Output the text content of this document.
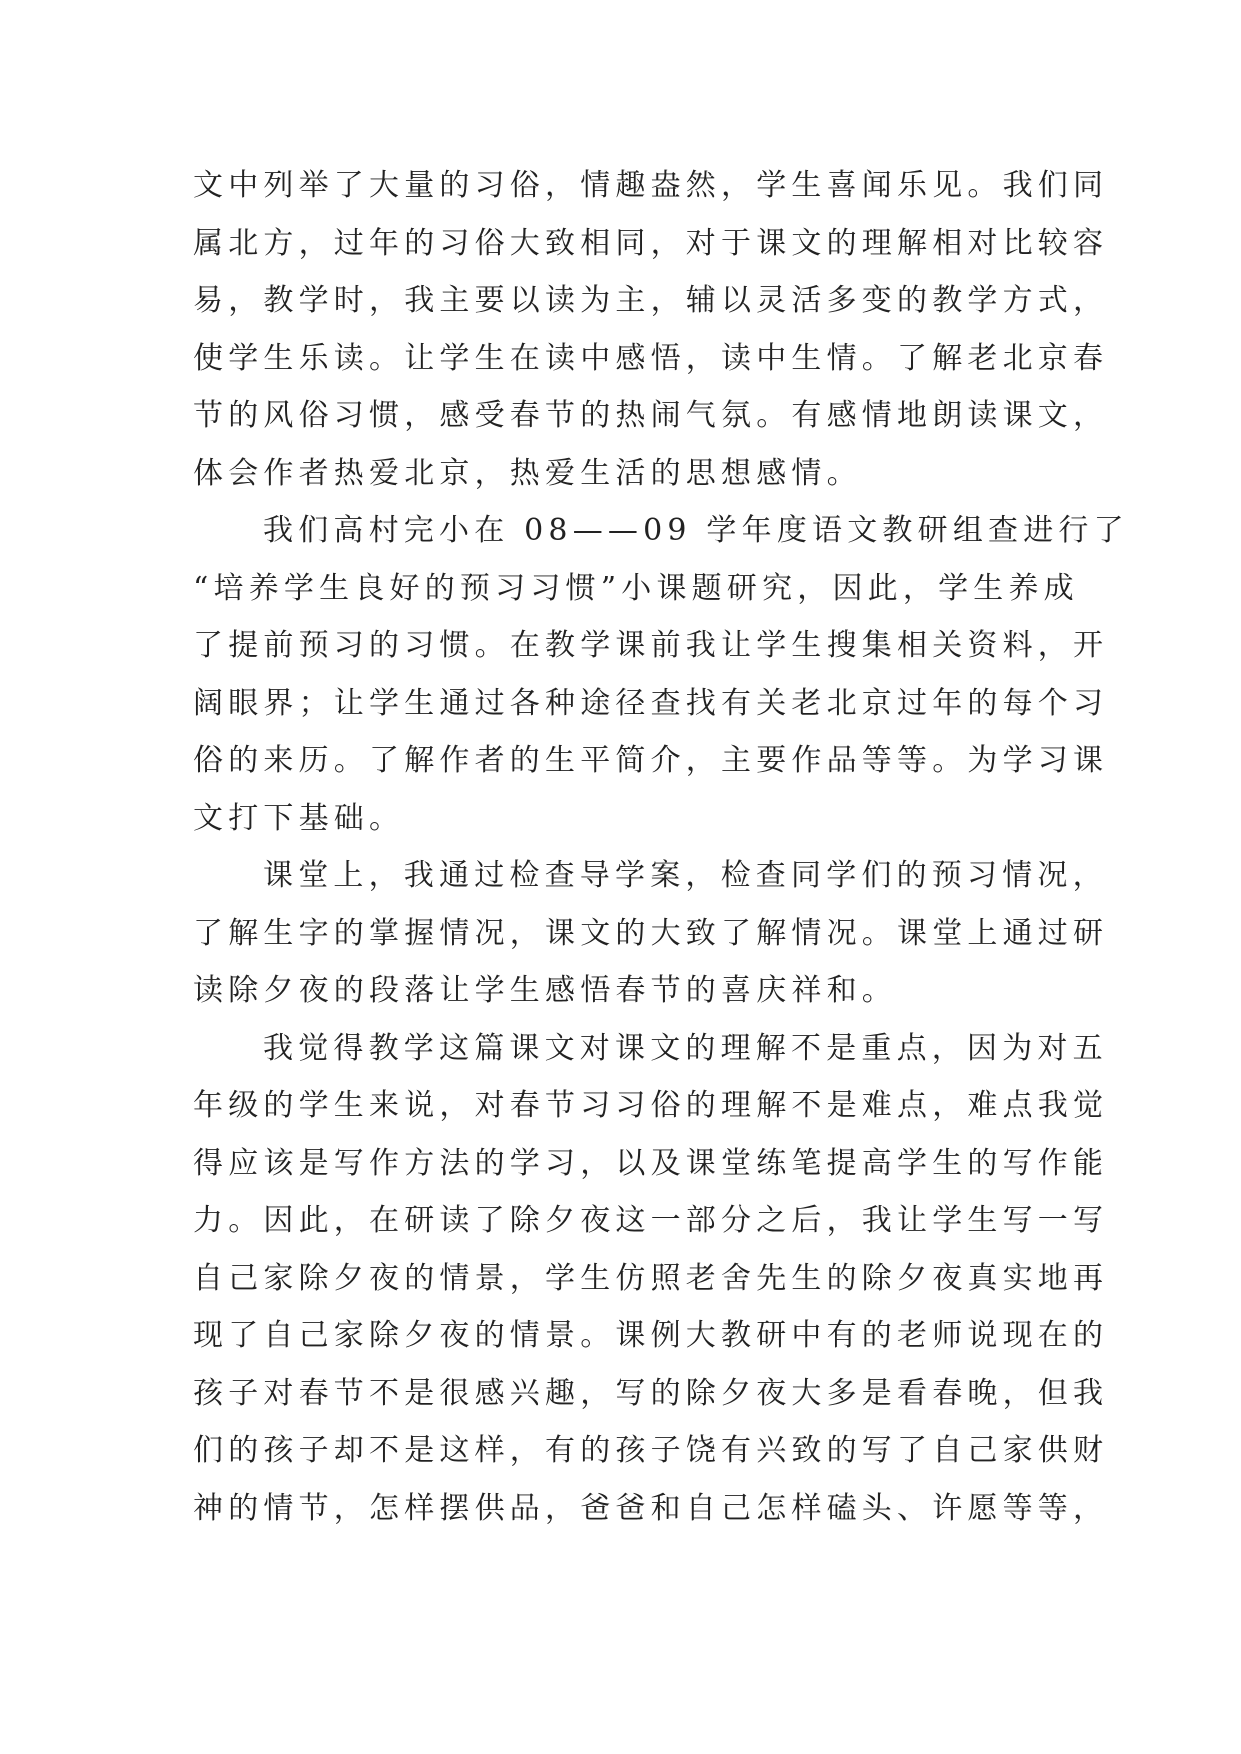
文中列举了大量的习俗，情趣盎然，学生喜闻乐见。我们同
属北方，过年的习俗大致相同，对于课文的理解相对比较容
易，教学时，我主要以读为主，辅以灵活多变的教学方式，
使学生乐读。让学生在读中感悟，读中生情。了解老北京春
节的风俗习惯，感受春节的热闹气氛。有感情地朗读课文，
体会作者热爱北京，热爱生活的思想感情。
我们高村完小在 08——09 学年度语文教研组查进行了
“培养学生良好的预习习惯”小课题研究，因此，学生养成
了提前预习的习惯。在教学课前我让学生搜集相关资料，开
阔眼界；让学生通过各种途径查找有关老北京过年的每个习
俗的来历。了解作者的生平简介，主要作品等等。为学习课
文打下基础。
课堂上，我通过检查导学案，检查同学们的预习情况，
了解生字的掌握情况，课文的大致了解情况。课堂上通过研
读除夕夜的段落让学生感悟春节的喜庆祥和。
我觉得教学这篇课文对课文的理解不是重点，因为对五
年级的学生来说，对春节习习俗的理解不是难点，难点我觉
得应该是写作方法的学习，以及课堂练笔提高学生的写作能
力。因此，在研读了除夕夜这一部分之后，我让学生写一写
自己家除夕夜的情景，学生仿照老舍先生的除夕夜真实地再
现了自己家除夕夜的情景。课例大教研中有的老师说现在的
孩子对春节不是很感兴趣，写的除夕夜大多是看春晚，但我
们的孩子却不是这样，有的孩子饶有兴致的写了自己家供财
神的情节，怎样摆供品，爸爸和自己怎样磕头、许愿等等，
